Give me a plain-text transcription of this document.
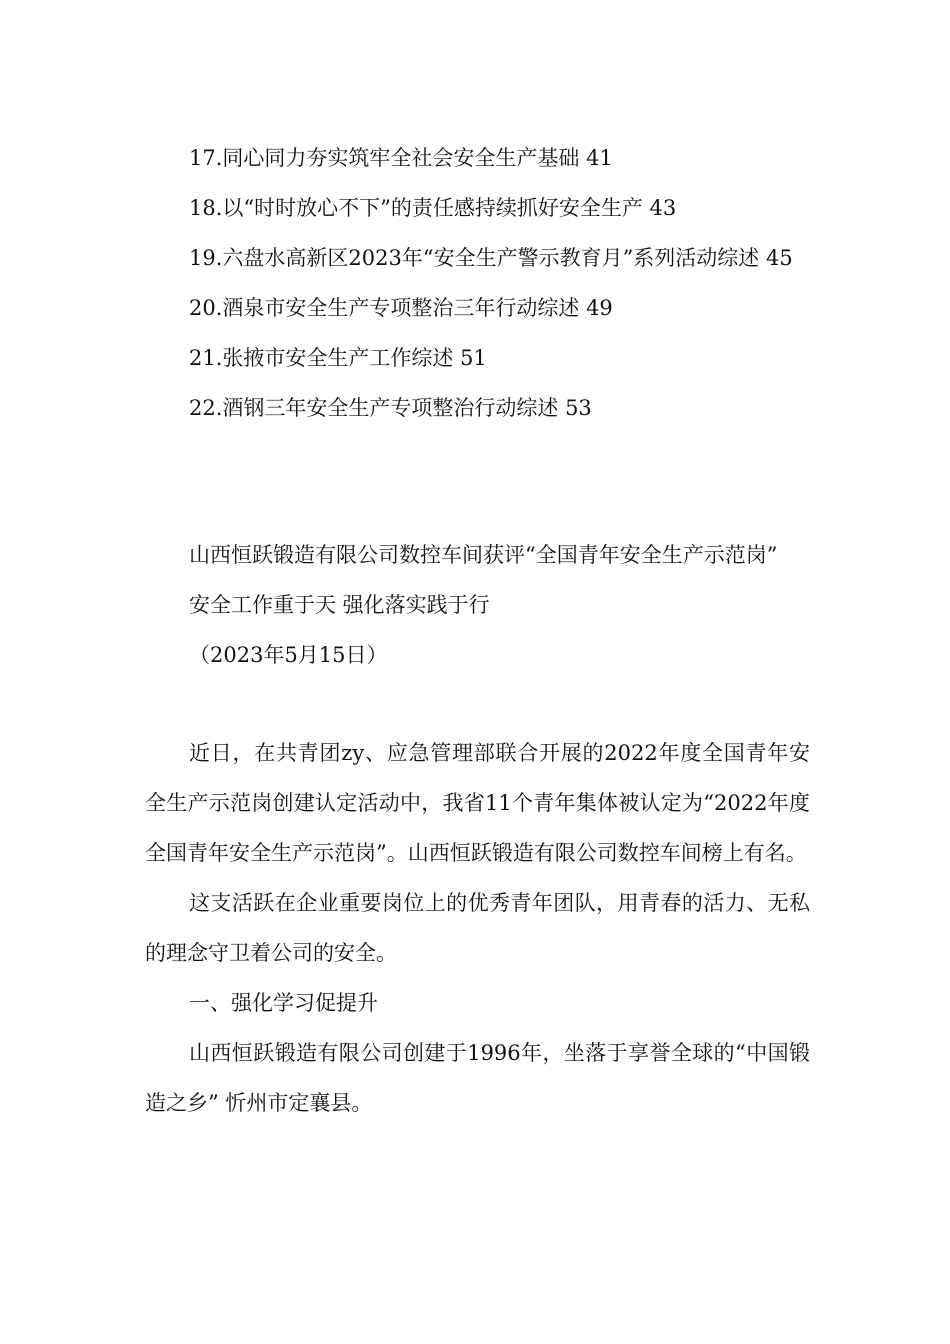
17.同心同力夯实筑牢全社会安全生产基础 41

18.以“时时放心不下”的责任感持续抓好安全生产 43

19.六盘水高新区2023年“安全生产警示教育月”系列活动综述 45

20.酒泉市安全生产专项整治三年行动综述 49

21.张掖市安全生产工作综述 51

22.酒钢三年安全生产专项整治行动综述 53

山西恒跃锻造有限公司数控车间获评“全国青年安全生产示范岗”

安全工作重于天 强化落实践于行

（2023年5月15日）

近日，在共青团zy、应急管理部联合开展的2022年度全国青年安全生产示范岗创建认定活动中，我省11个青年集体被认定为“2022年度全国青年安全生产示范岗”。山西恒跃锻造有限公司数控车间榜上有名。

这支活跃在企业重要岗位上的优秀青年团队，用青春的活力、无私的理念守卫着公司的安全。

一、强化学习促提升

山西恒跃锻造有限公司创建于1996年，坐落于享誉全球的“中国锻造之乡” 忻州市定襄县。
